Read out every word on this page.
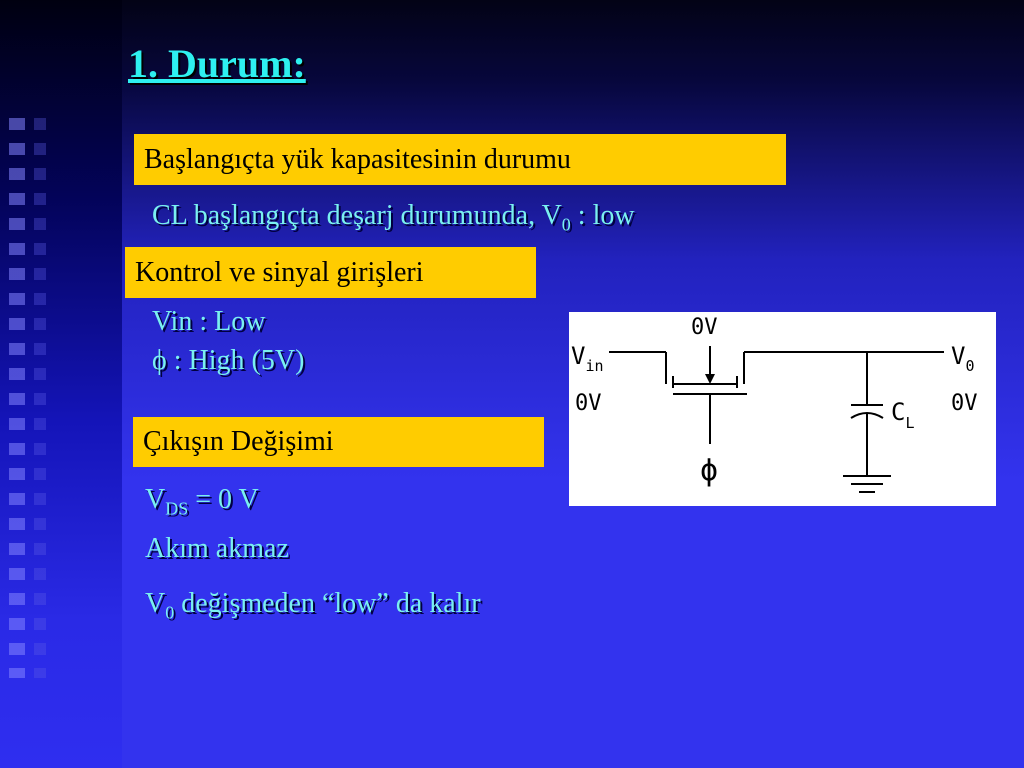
1. Durum:
Başlangıçta yük kapasitesinin durumu
CL başlangıçta deşarj durumunda, $V_0$ : low
Kontrol ve sinyal girişleri
Vin : Low
ϕ : High (5V)
Çıkışın Değişimi
$V_{DS} = 0$ V
Akım akmaz
$V_0$ değişmeden “low” da kalır
0V
$V_{in}$
0V
$V_0$
0V
$C_L$
ϕ
